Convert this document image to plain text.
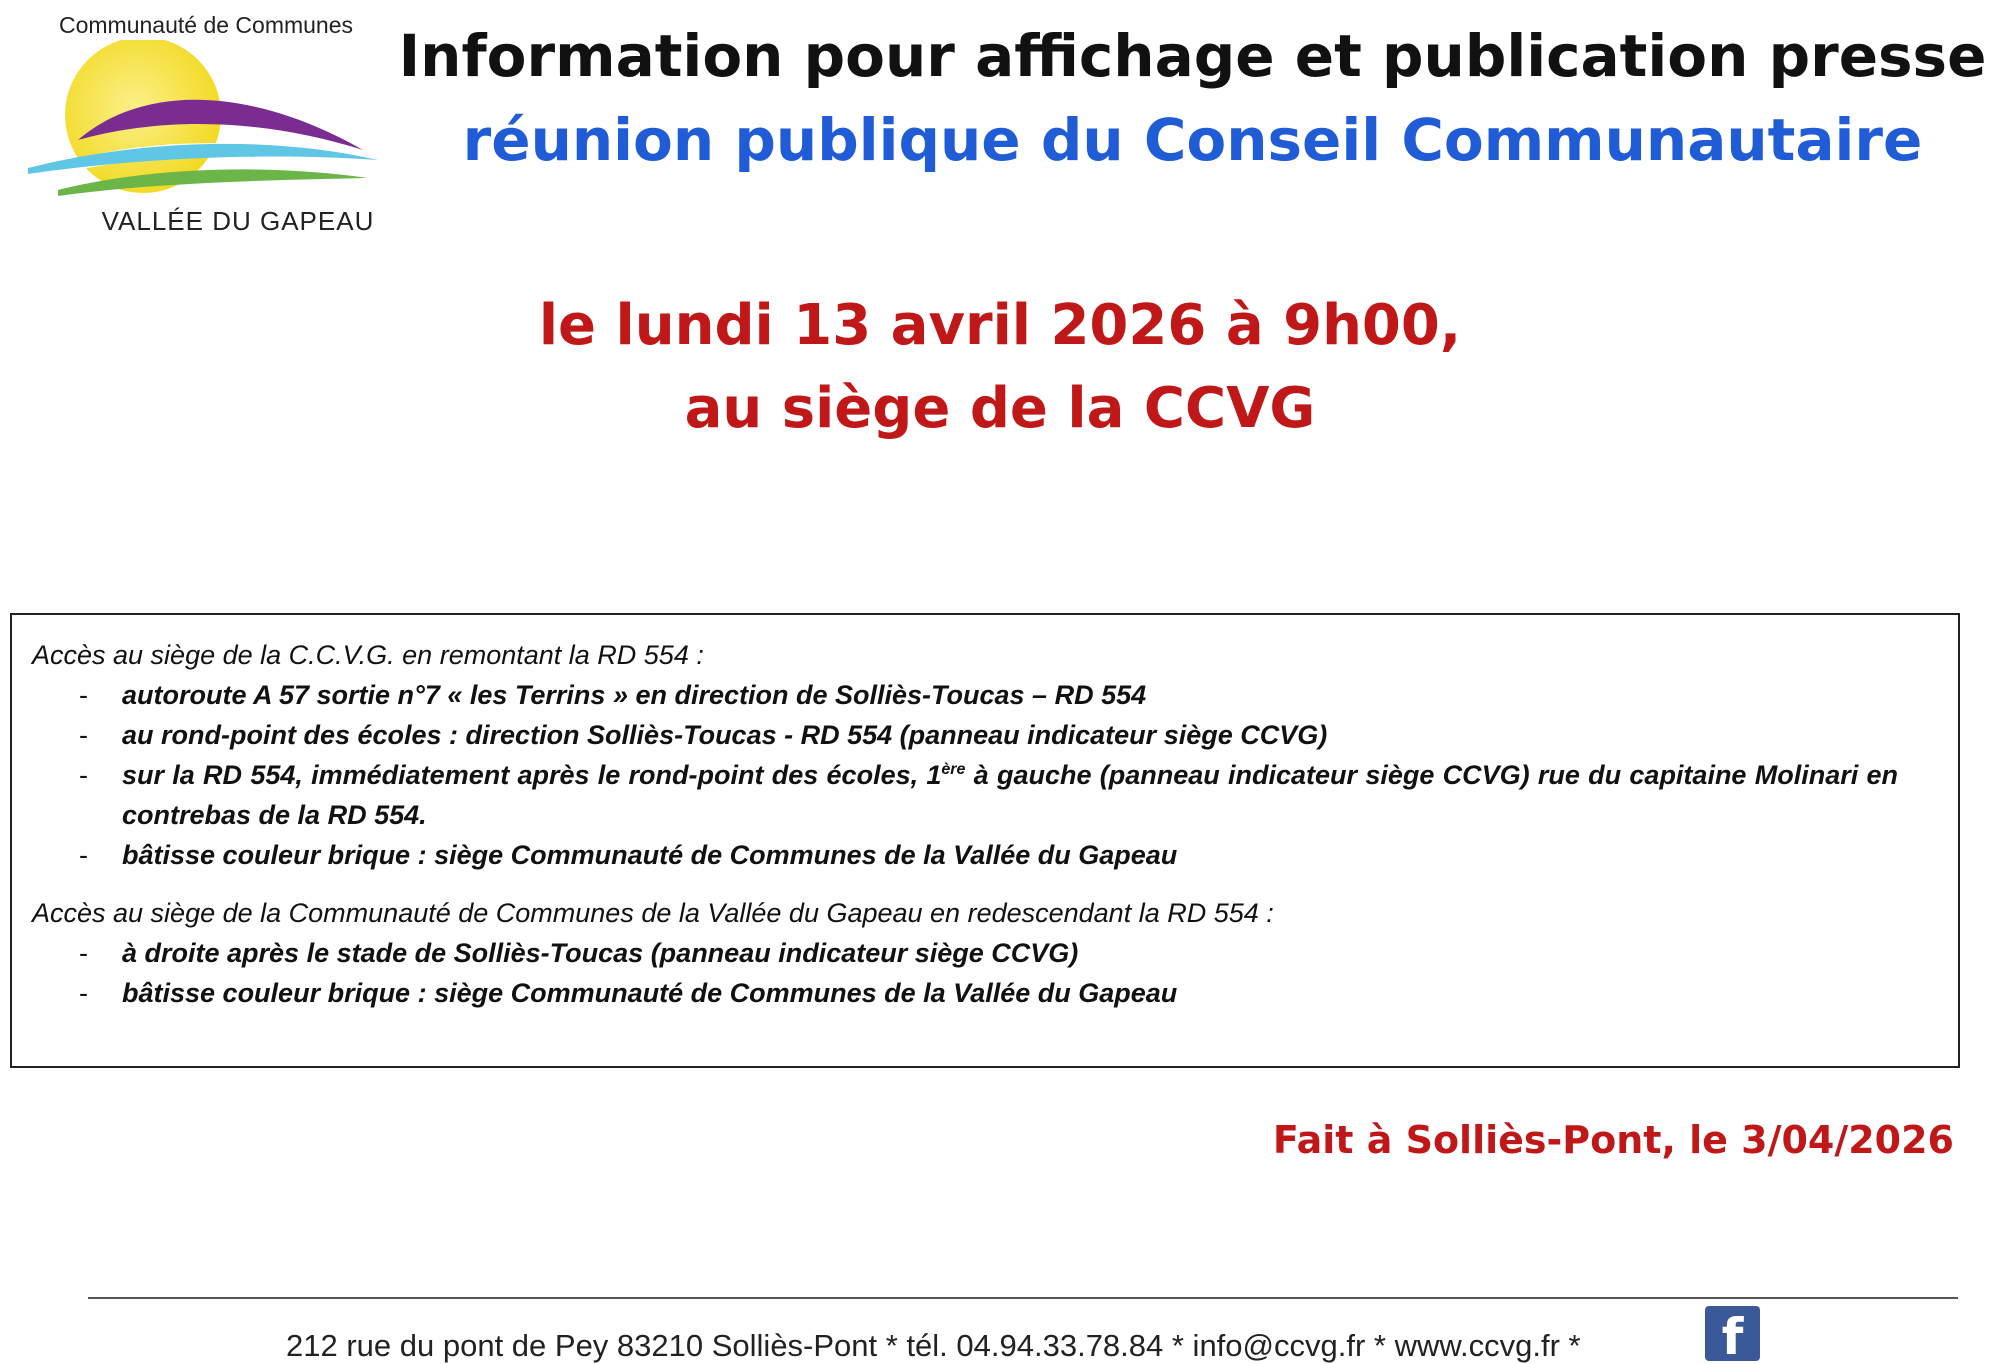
Communauté de Communes
VALLÉE DU GAPEAU
Information pour affichage et publication presse
réunion publique du Conseil Communautaire
le lundi 13 avril 2026 à 9h00,
au siège de la CCVG

Accès au siège de la C.C.V.G. en remontant la RD 554 :

- autoroute A 57 sortie n°7 « les Terrins » en direction de Solliès-Toucas – RD 554
- au rond-point des écoles : direction Solliès-Toucas - RD 554 (panneau indicateur siège CCVG)
- sur la RD 554, immédiatement après le rond-point des écoles, 1ère à gauche (panneau indicateur siège CCVG) rue du capitaine Molinari en contrebas de la RD 554.
- bâtisse couleur brique : siège Communauté de Communes de la Vallée du Gapeau

Accès au siège de la Communauté de Communes de la Vallée du Gapeau en redescendant la RD 554 :

- à droite après le stade de Solliès-Toucas (panneau indicateur siège CCVG)
- bâtisse couleur brique : siège Communauté de Communes de la Vallée du Gapeau
Fait à Solliès-Pont, le 3/04/2026
212 rue du pont de Pey 83210 Solliès-Pont * tél. 04.94.33.78.84 * info@ccvg.fr * www.ccvg.fr *	f
